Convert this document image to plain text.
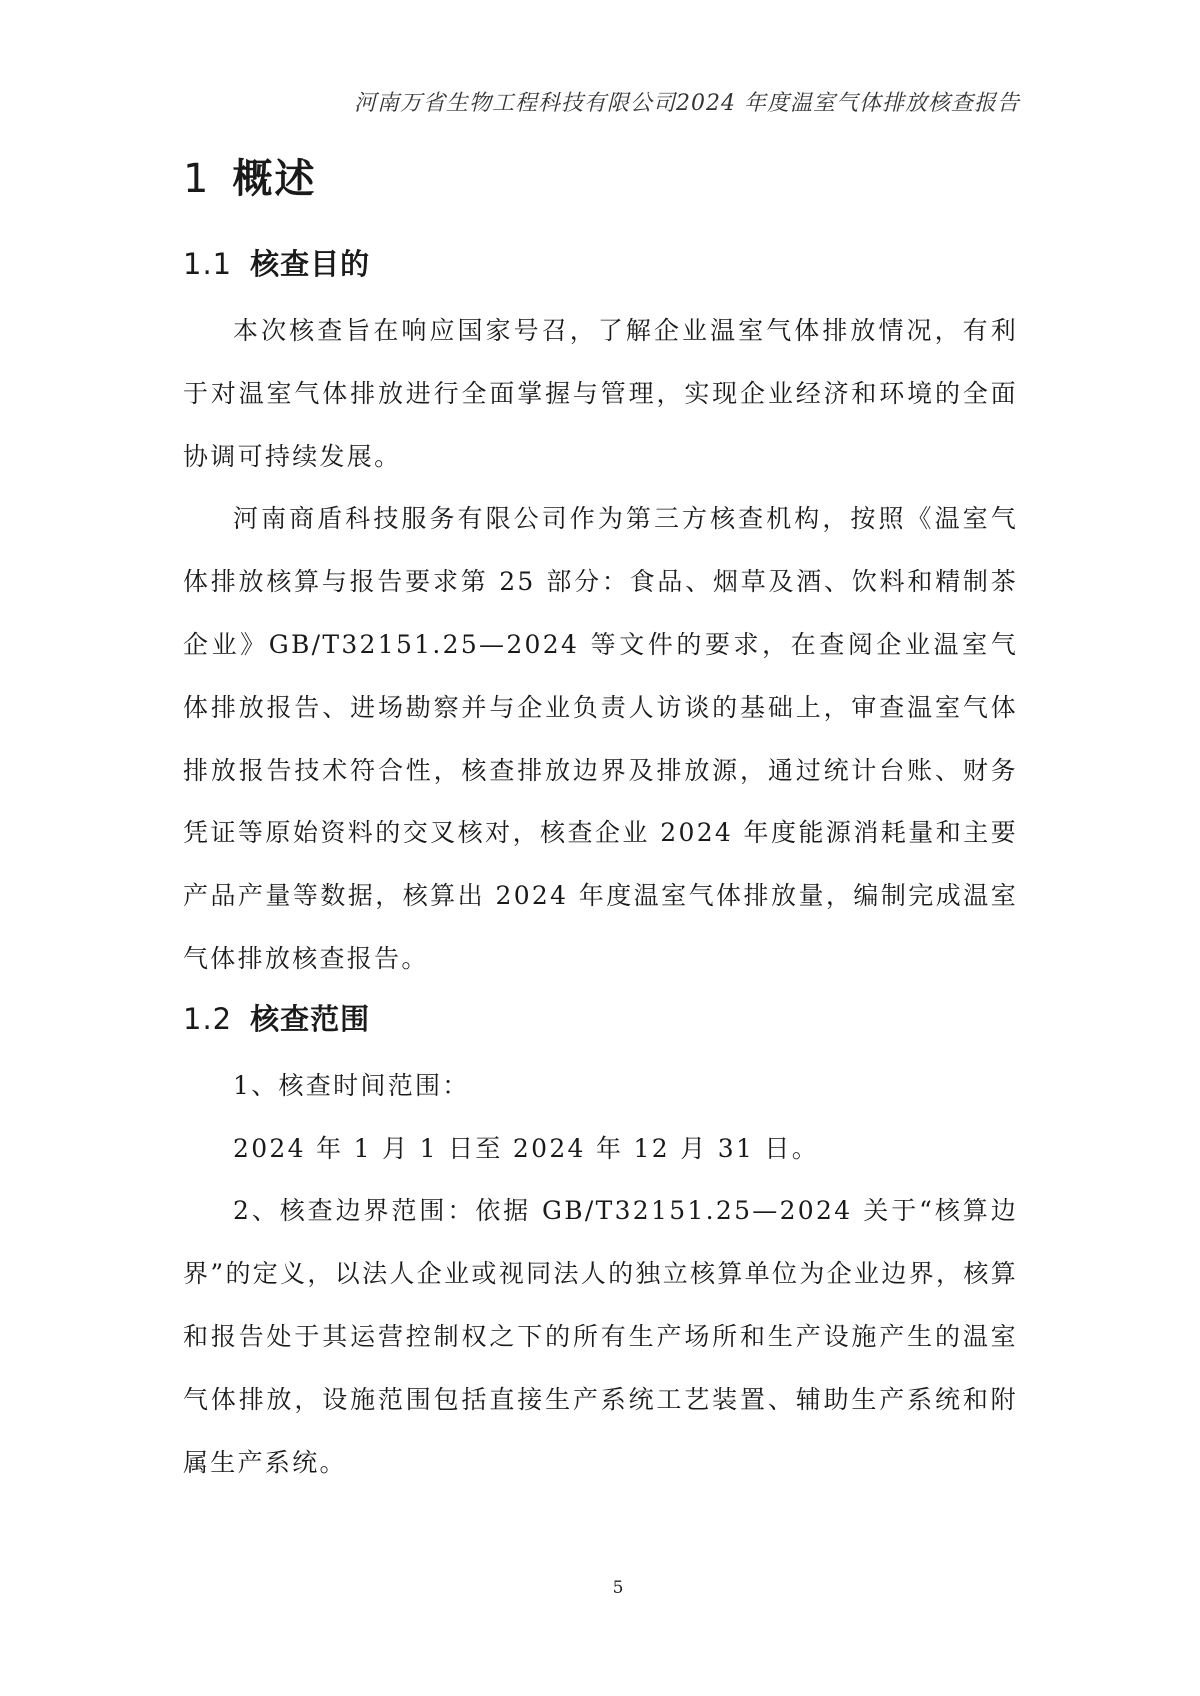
河南万省生物工程科技有限公司2024 年度温室气体排放核查报告
1 概述
1.1 核查目的

本次核查旨在响应国家号召，了解企业温室气体排放情况，有利于对温室气体排放进行全面掌握与管理，实现企业经济和环境的全面协调可持续发展。

河南商盾科技服务有限公司作为第三方核查机构，按照《温室气体排放核算与报告要求第 25 部分：食品、烟草及酒、饮料和精制茶企业》GB/T32151.25—2024 等文件的要求，在查阅企业温室气体排放报告、进场勘察并与企业负责人访谈的基础上，审查温室气体排放报告技术符合性，核查排放边界及排放源，通过统计台账、财务凭证等原始资料的交叉核对，核查企业 2024 年度能源消耗量和主要产品产量等数据，核算出 2024 年度温室气体排放量，编制完成温室气体排放核查报告。

1.2 核查范围

1、核查时间范围：

2024 年 1 月 1 日至 2024 年 12 月 31 日。

2、核查边界范围：依据 GB/T32151.25—2024 关于“核算边界”的定义，以法人企业或视同法人的独立核算单位为企业边界，核算和报告处于其运营控制权之下的所有生产场所和生产设施产生的温室气体排放，设施范围包括直接生产系统工艺装置、辅助生产系统和附属生产系统。

5
